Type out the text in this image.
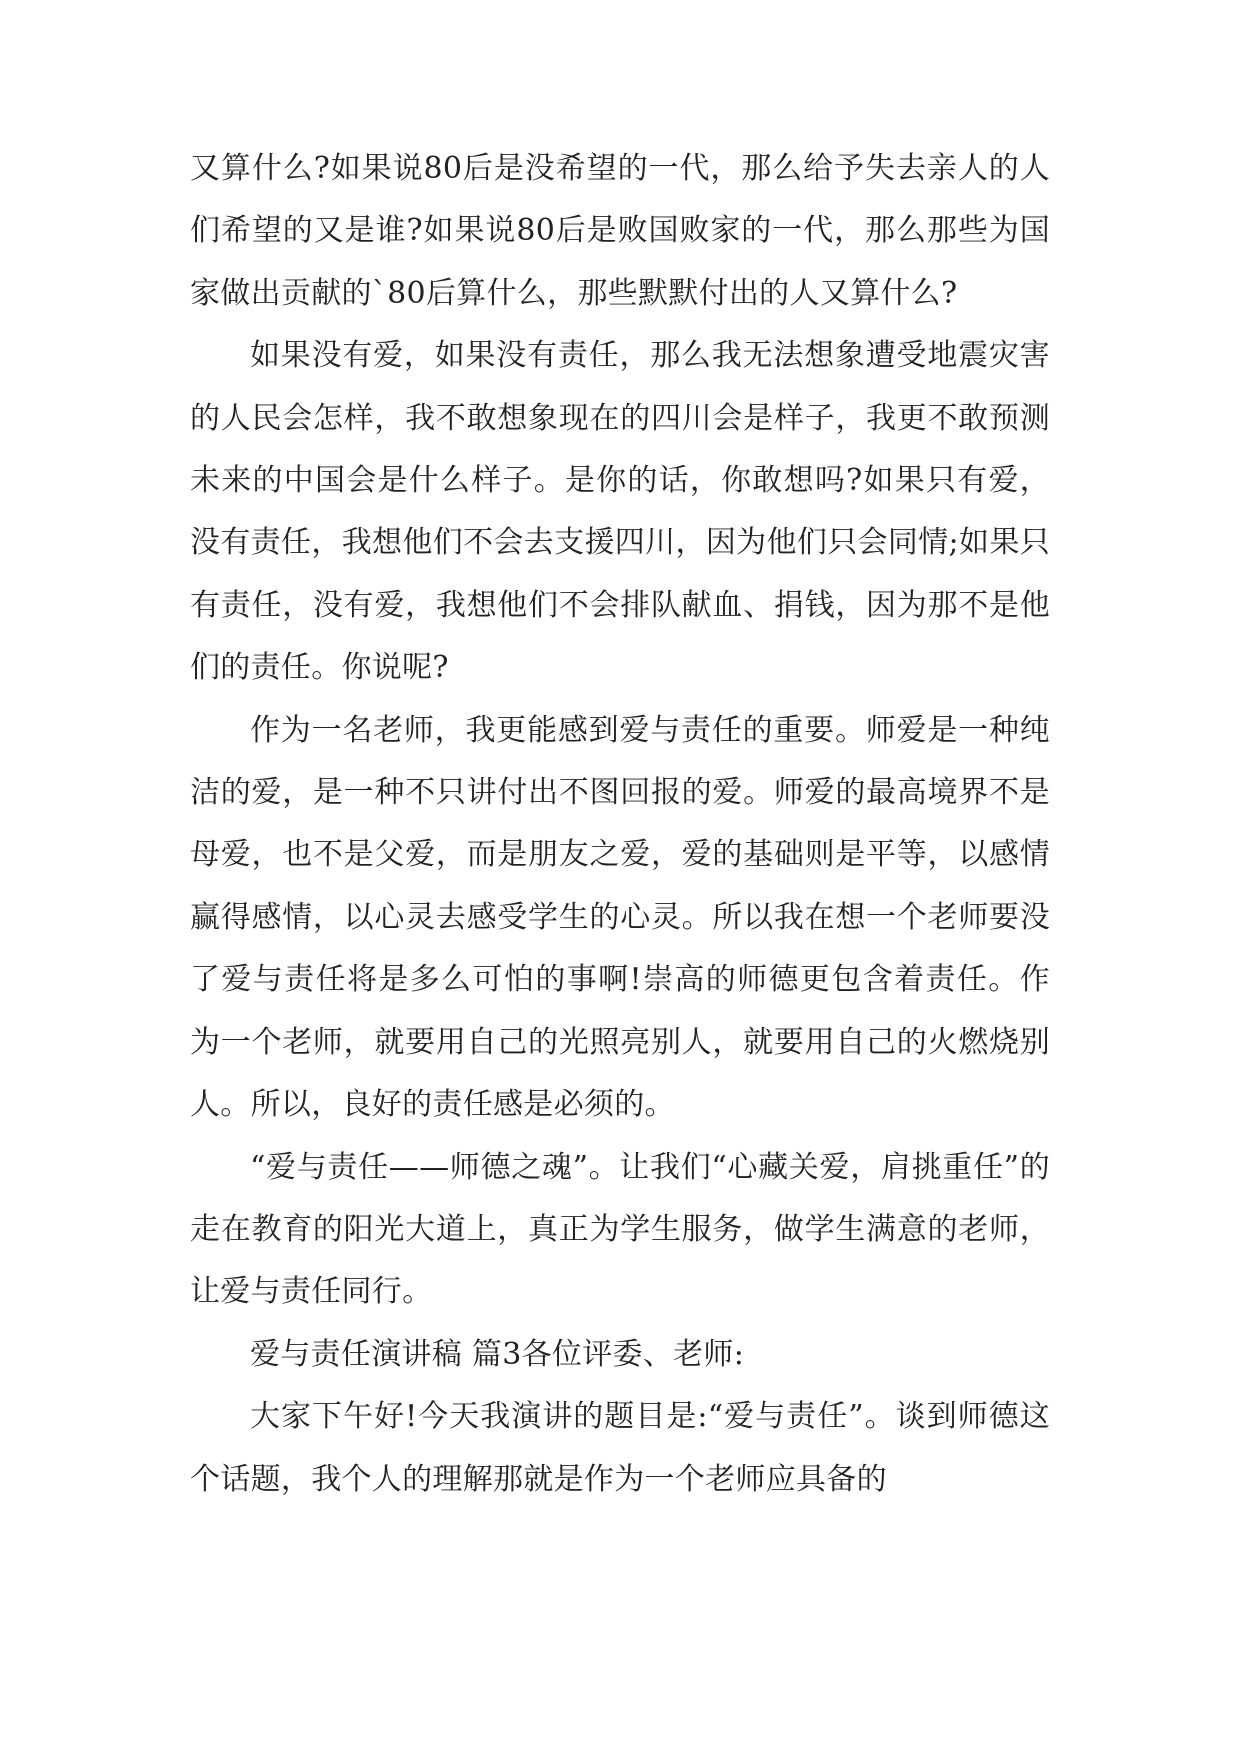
又算什么?如果说80后是没希望的一代，那么给予失去亲人的人们希望的又是谁?如果说80后是败国败家的一代，那么那些为国家做出贡献的`80后算什么，那些默默付出的人又算什么?

如果没有爱，如果没有责任，那么我无法想象遭受地震灾害的人民会怎样，我不敢想象现在的四川会是样子，我更不敢预测未来的中国会是什么样子。是你的话，你敢想吗?如果只有爱，没有责任，我想他们不会去支援四川，因为他们只会同情;如果只有责任，没有爱，我想他们不会排队献血、捐钱，因为那不是他们的责任。你说呢?

作为一名老师，我更能感到爱与责任的重要。师爱是一种纯洁的爱，是一种不只讲付出不图回报的爱。师爱的最高境界不是母爱，也不是父爱，而是朋友之爱，爱的基础则是平等，以感情赢得感情，以心灵去感受学生的心灵。所以我在想一个老师要没了爱与责任将是多么可怕的事啊!崇高的师德更包含着责任。作为一个老师，就要用自己的光照亮别人，就要用自己的火燃烧别人。所以，良好的责任感是必须的。

“爱与责任——师德之魂”。让我们“心藏关爱，肩挑重任”的走在教育的阳光大道上，真正为学生服务，做学生满意的老师，让爱与责任同行。

爱与责任演讲稿 篇3各位评委、老师:

大家下午好!今天我演讲的题目是:“爱与责任”。谈到师德这个话题，我个人的理解那就是作为一个老师应具备的
